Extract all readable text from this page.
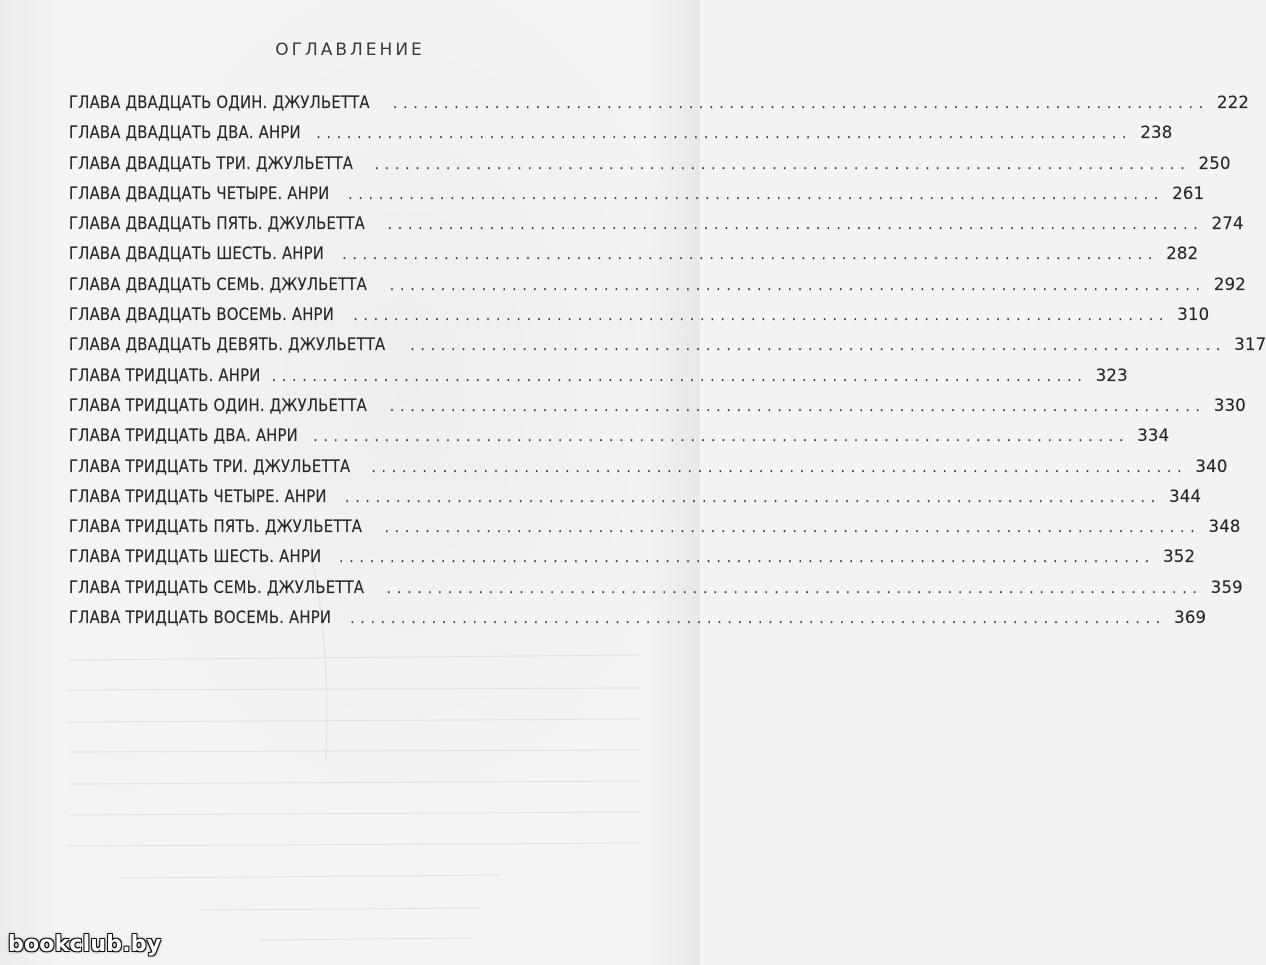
ОГЛАВЛЕНИЕ
ГЛАВА ДВАДЦАТЬ ОДИН. ДЖУЛЬЕТТА ................................................................................ 222
ГЛАВА ДВАДЦАТЬ ДВА. АНРИ ................................................................................ 238
ГЛАВА ДВАДЦАТЬ ТРИ. ДЖУЛЬЕТТА ................................................................................ 250
ГЛАВА ДВАДЦАТЬ ЧЕТЫРЕ. АНРИ ................................................................................ 261
ГЛАВА ДВАДЦАТЬ ПЯТЬ. ДЖУЛЬЕТТА ................................................................................ 274
ГЛАВА ДВАДЦАТЬ ШЕСТЬ. АНРИ ................................................................................ 282
ГЛАВА ДВАДЦАТЬ СЕМЬ. ДЖУЛЬЕТТА ................................................................................ 292
ГЛАВА ДВАДЦАТЬ ВОСЕМЬ. АНРИ ................................................................................ 310
ГЛАВА ДВАДЦАТЬ ДЕВЯТЬ. ДЖУЛЬЕТТА ................................................................................ 317
ГЛАВА ТРИДЦАТЬ. АНРИ ................................................................................ 323
ГЛАВА ТРИДЦАТЬ ОДИН. ДЖУЛЬЕТТА ................................................................................ 330
ГЛАВА ТРИДЦАТЬ ДВА. АНРИ ................................................................................ 334
ГЛАВА ТРИДЦАТЬ ТРИ. ДЖУЛЬЕТТА ................................................................................ 340
ГЛАВА ТРИДЦАТЬ ЧЕТЫРЕ. АНРИ ................................................................................ 344
ГЛАВА ТРИДЦАТЬ ПЯТЬ. ДЖУЛЬЕТТА ................................................................................ 348
ГЛАВА ТРИДЦАТЬ ШЕСТЬ. АНРИ ................................................................................ 352
ГЛАВА ТРИДЦАТЬ СЕМЬ. ДЖУЛЬЕТТА ................................................................................ 359
ГЛАВА ТРИДЦАТЬ ВОСЕМЬ. АНРИ ................................................................................ 369
bookclub.by
